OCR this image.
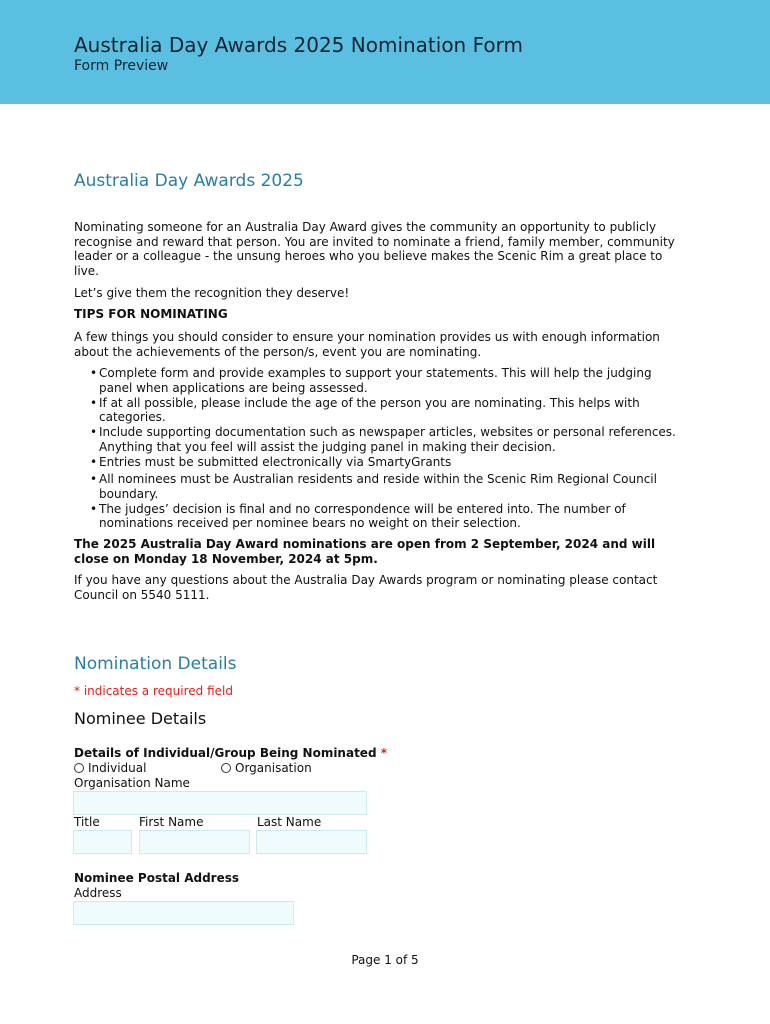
Australia Day Awards 2025 Nomination Form
Form Preview
Australia Day Awards 2025
Nominating someone for an Australia Day Award gives the community an opportunity to publicly recognise and reward that person. You are invited to nominate a friend, family member, community leader or a colleague - the unsung heroes who you believe makes the Scenic Rim a great place to live.
Let’s give them the recognition they deserve!
TIPS FOR NOMINATING
A few things you should consider to ensure your nomination provides us with enough information about the achievements of the person/s, event you are nominating.
• Complete form and provide examples to support your statements. This will help the judging panel when applications are being assessed.
• If at all possible, please include the age of the person you are nominating. This helps with categories.
• Include supporting documentation such as newspaper articles, websites or personal references. Anything that you feel will assist the judging panel in making their decision.
• Entries must be submitted electronically via SmartyGrants
• All nominees must be Australian residents and reside within the Scenic Rim Regional Council boundary.
• The judges’ decision is final and no correspondence will be entered into. The number of nominations received per nominee bears no weight on their selection.
The 2025 Australia Day Award nominations are open from 2 September, 2024 and will close on Monday 18 November, 2024 at 5pm.
If you have any questions about the Australia Day Awards program or nominating please contact Council on 5540 5111.
Nomination Details
* indicates a required field
Nominee Details
Details of Individual/Group Being Nominated *
Individual	Organisation
Organisation Name
Title	First Name	Last Name
Nominee Postal Address
Address
Page 1 of 5
